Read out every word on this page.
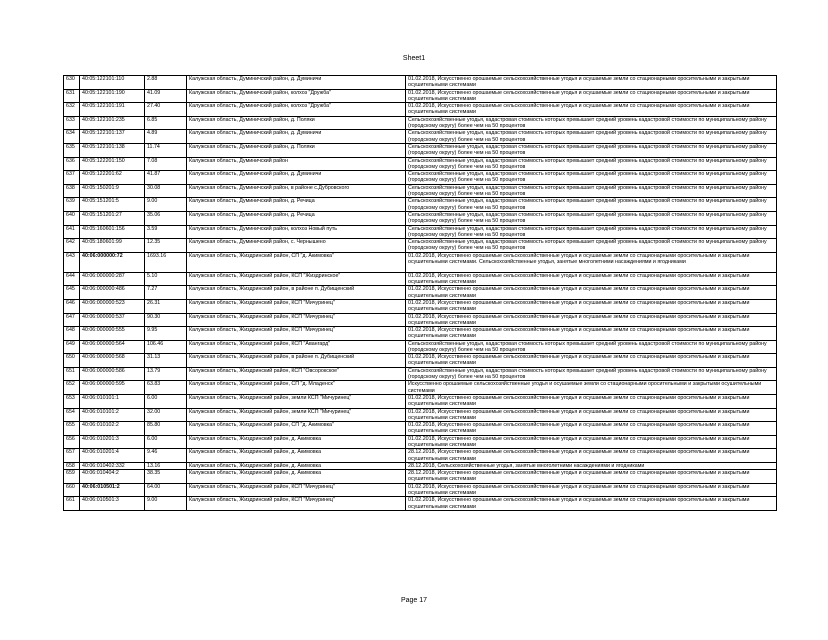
Sheet1
630	40:05:122101:110	2.88	Калужская область, Думиничский район, д. Думиничи	01.02.2018, Искусственно орошаемые сельскохозяйственные угодья и осушаемые земли со стационарными оросительными и закрытыми осушительными системами
631	40:05:122101:190	41.09	Калужская область, Думиничский район, колхоз "Дружба"	01.02.2018, Искусственно орошаемые сельскохозяйственные угодья и осушаемые земли со стационарными оросительными и закрытыми осушительными системами
632	40:05:122101:191	27.40	Калужская область, Думиничский район, колхоз "Дружба"	01.02.2018, Искусственно орошаемые сельскохозяйственные угодья и осушаемые земли со стационарными оросительными и закрытыми осушительными системами
633	40:05:122101:235	6.85	Калужская область, Думиничский район, д. Поляки	Сельскохозяйственные угодья, кадастровая стоимость которых превышает средний уровень кадастровой стоимости по муниципальному району (городскому округу) более чем на 50 процентов
634	40:05:122101:137	4.89	Калужская область, Думиничский район, д. Думиничи	Сельскохозяйственные угодья, кадастровая стоимость которых превышает средний уровень кадастровой стоимости по муниципальному району (городскому округу) более чем на 50 процентов
635	40:05:122101:138	11.74	Калужская область, Думиничский район, д. Поляки	Сельскохозяйственные угодья, кадастровая стоимость которых превышает средний уровень кадастровой стоимости по муниципальному району (городскому округу) более чем на 50 процентов
636	40:05:122201:150	7.08	Калужская область, Думиничский район	Сельскохозяйственные угодья, кадастровая стоимость которых превышает средний уровень кадастровой стоимости по муниципальному району (городскому округу) более чем на 50 процентов
637	40:05:122201:62	41.87	Калужская область, Думиничский район, д. Думиничи	Сельскохозяйственные угодья, кадастровая стоимость которых превышает средний уровень кадастровой стоимости по муниципальному району (городскому округу) более чем на 50 процентов
638	40:05:150201:9	30.08	Калужская область, Думиничский район, в районе с.Дубровского	Сельскохозяйственные угодья, кадастровая стоимость которых превышает средний уровень кадастровой стоимости по муниципальному району (городскому округу) более чем на 50 процентов
639	40:05:151201:5	9.00	Калужская область, Думиничский район, д. Речица	Сельскохозяйственные угодья, кадастровая стоимость которых превышает средний уровень кадастровой стоимости по муниципальному району (городскому округу) более чем на 50 процентов
640	40:05:151201:27	35.06	Калужская область, Думиничский район, д. Речица	Сельскохозяйственные угодья, кадастровая стоимость которых превышает средний уровень кадастровой стоимости по муниципальному району (городскому округу) более чем на 50 процентов
641	40:05:160601:156	3.59	Калужская область, Думиничский район, колхоз Новый путь	Сельскохозяйственные угодья, кадастровая стоимость которых превышает средний уровень кадастровой стоимости по муниципальному району (городскому округу) более чем на 50 процентов
642	40:05:180601:99	12.35	Калужская область, Думиничский район, с. Чернышено	Сельскохозяйственные угодья, кадастровая стоимость которых превышает средний уровень кадастровой стоимости по муниципальному району (городскому округу) более чем на 50 процентов
643	40:06:000000:72	1693.16	Калужская область, Жиздринский район, СП "д. Акимовка"	01.02.2018, Искусственно орошаемые сельскохозяйственные угодья и осушаемые земли со стационарными оросительными и закрытыми осушительными системами. Сельскохозяйственные угодья, занятые многолетними насаждениями и ягодниками
644	40:06:000000:287	5.10	Калужская область, Жиздринский район, КСП "Жиздринское"	01.02.2018, Искусственно орошаемые сельскохозяйственные угодья и осушаемые земли со стационарными оросительными и закрытыми осушительными системами
645	40:06:000000:486	7.27	Калужская область, Жиздринский район, в районе п. Дубищенский	01.02.2018, Искусственно орошаемые сельскохозяйственные угодья и осушаемые земли со стационарными оросительными и закрытыми осушительными системами
646	40:06:000000:523	26.31	Калужская область, Жиздринский район, КСП "Мичуринец"	01.02.2018, Искусственно орошаемые сельскохозяйственные угодья и осушаемые земли со стационарными оросительными и закрытыми осушительными системами
647	40:06:000000:537	90.30	Калужская область, Жиздринский район, КСП "Мичуринец"	01.02.2018, Искусственно орошаемые сельскохозяйственные угодья и осушаемые земли со стационарными оросительными и закрытыми осушительными системами
648	40:06:000000:555	9.95	Калужская область, Жиздринский район, КСП "Мичуринец"	01.02.2018, Искусственно орошаемые сельскохозяйственные угодья и осушаемые земли со стационарными оросительными и закрытыми осушительными системами
649	40:06:000000:564	106.46	Калужская область, Жиздринский район, КСП "Авангард"	Сельскохозяйственные угодья, кадастровая стоимость которых превышает средний уровень кадастровой стоимости по муниципальному району (городскому округу) более чем на 50 процентов
650	40:06:000000:568	31.13	Калужская область, Жиздринский район, в районе п. Дубищенский	01.02.2018, Искусственно орошаемые сельскохозяйственные угодья и осушаемые земли со стационарными оросительными и закрытыми осушительными системами
651	40:06:000000:586	13.79	Калужская область, Жиздринский район, КСП "Овсорокское"	Сельскохозяйственные угодья, кадастровая стоимость которых превышает средний уровень кадастровой стоимости по муниципальному району (городскому округу) более чем на 50 процентов
652	40:06:000000:595	63.83	Калужская область, Жиздринский район, СП "д. Младенск"	Искусственно орошаемые сельскохозяйственные угодья и осушаемые земли со стационарными оросительными и закрытыми осушительными системами
653	40:06:010101:1	6.00	Калужская область, Жиздринский район, земли КСП "Мичуринец"	01.02.2018, Искусственно орошаемые сельскохозяйственные угодья и осушаемые земли со стационарными оросительными и закрытыми осушительными системами
654	40:06:010101:2	32.00	Калужская область, Жиздринский район, земли КСП "Мичуринец"	01.02.2018, Искусственно орошаемые сельскохозяйственные угодья и осушаемые земли со стационарными оросительными и закрытыми осушительными системами
655	40:06:010102:2	85.80	Калужская область, Жиздринский район, СП "д. Акимовка"	01.02.2018, Искусственно орошаемые сельскохозяйственные угодья и осушаемые земли со стационарными оросительными и закрытыми осушительными системами
656	40:06:010201:3	6.00	Калужская область, Жиздринский район, д. Акимовка	01.02.2018, Искусственно орошаемые сельскохозяйственные угодья и осушаемые земли со стационарными оросительными и закрытыми осушительными системами
657	40:06:010201:4	9.46	Калужская область, Жиздринский район, д. Акимовка	28.12.2018, Искусственно орошаемые сельскохозяйственные угодья и осушаемые земли со стационарными оросительными и закрытыми осушительными системами
658	40:06:010402:332	13.16	Калужская область, Жиздринский район, д. Акимовка	28.12.2018, Сельскохозяйственные угодья, занятые многолетними насаждениями и ягодниками
659	40:06:010404:2	38.35	Калужская область, Жиздринский район, д. Акимовка	28.12.2018, Искусственно орошаемые сельскохозяйственные угодья и осушаемые земли со стационарными оросительными и закрытыми осушительными системами
660	40:06:010501:2	64.00	Калужская область, Жиздринский район, КСП "Мичуринец"	01.02.2018, Искусственно орошаемые сельскохозяйственные угодья и осушаемые земли со стационарными оросительными и закрытыми осушительными системами
661	40:06:010501:3	9.00	Калужская область, Жиздринский район, КСП "Мичуринец"	01.02.2018, Искусственно орошаемые сельскохозяйственные угодья и осушаемые земли со стационарными оросительными и закрытыми осушительными системами
Page 17
